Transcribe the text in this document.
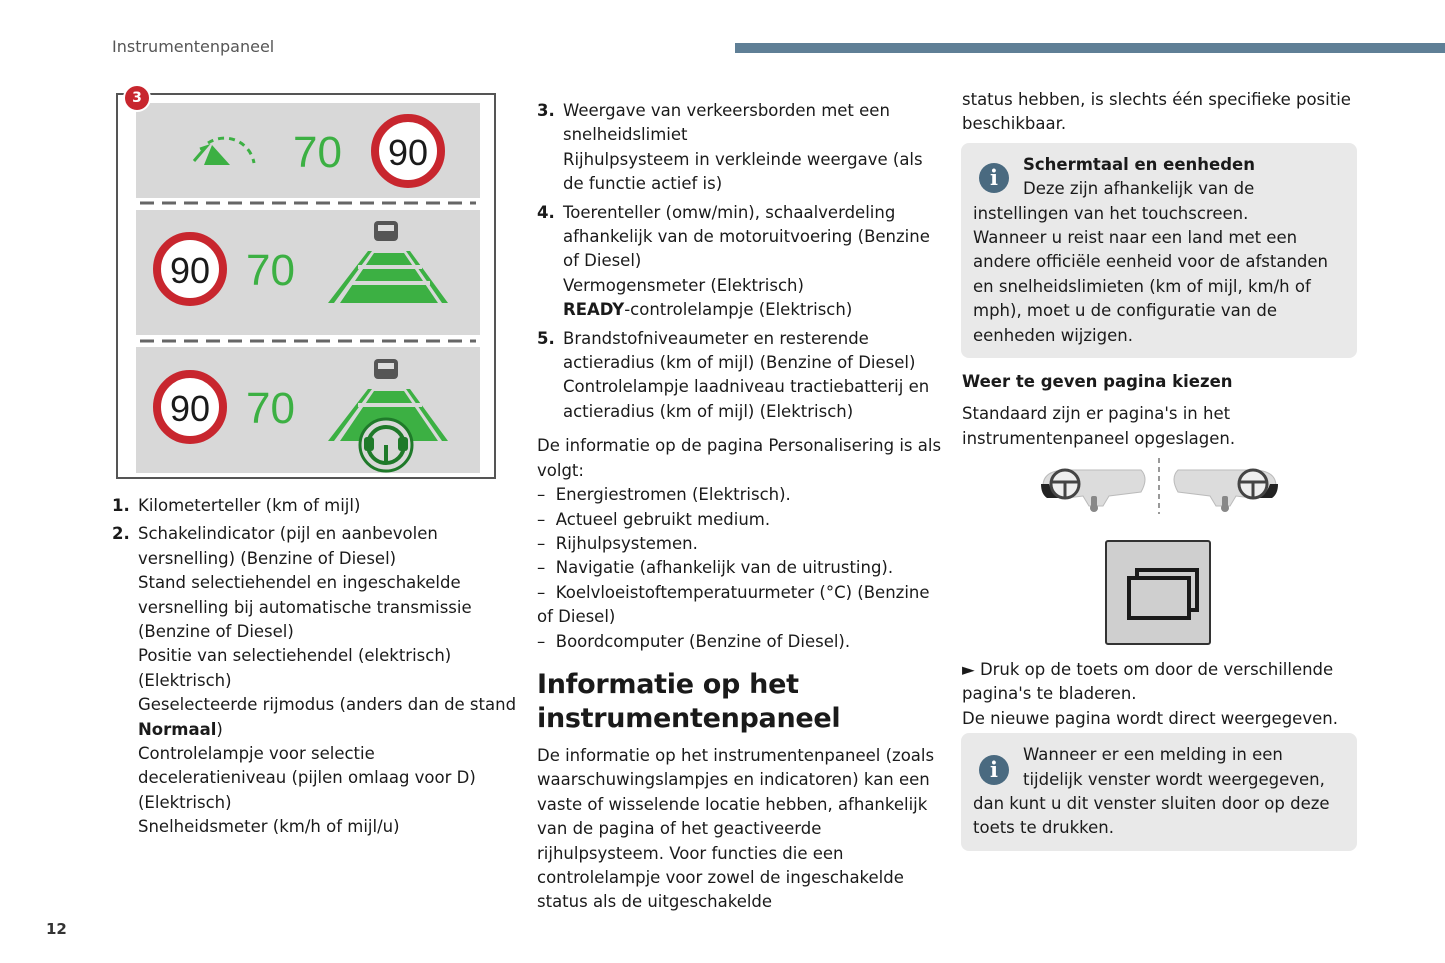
Instrumentenpaneel
70 90
90 70
90 70
3
1. Kilometerteller (km of mijl)
2. Schakelindicator (pijl en aanbevolen versnelling) (Benzine of Diesel)
Stand selectiehendel en ingeschakelde versnelling bij automatische transmissie (Benzine of Diesel)
Positie van selectiehendel (elektrisch) (Elektrisch)
Geselecteerde rijmodus (anders dan de stand Normaal)
Controlelampje voor selectie deceleratieniveau (pijlen omlaag voor D) (Elektrisch)
Snelheidsmeter (km/h of mijl/u)
3. Weergave van verkeersborden met een snelheidslimiet
Rijhulpsysteem in verkleinde weergave (als de functie actief is)
4. Toerenteller (omw/min), schaalverdeling afhankelijk van de motoruitvoering (Benzine of Diesel)
Vermogensmeter (Elektrisch)
READY-controlelampje (Elektrisch)
5. Brandstofniveaumeter en resterende actieradius (km of mijl) (Benzine of Diesel)
Controlelampje laadniveau tractiebatterij en actieradius (km of mijl) (Elektrisch)

De informatie op de pagina Personalisering is als volgt:

–  Energiestromen (Elektrisch).
–  Actueel gebruikt medium.
–  Rijhulpsystemen.
–  Navigatie (afhankelijk van de uitrusting).
–  Koelvloeistoftemperatuurmeter (°C) (Benzine of Diesel)
–  Boordcomputer (Benzine of Diesel).
Informatie op het instrumentenpaneel

De informatie op het instrumentenpaneel (zoals waarschuwingslampjes en indicatoren) kan een vaste of wisselende locatie hebben, afhankelijk van de pagina of het geactiveerde rijhulpsysteem. Voor functies die een controlelampje voor zowel de ingeschakelde status als de uitgeschakelde

status hebben, is slechts één specifieke positie beschikbaar.

i
Schermtaal en eenheden
Deze zijn afhankelijk van de instellingen van het touchscreen.
Wanneer u reist naar een land met een andere officiële eenheid voor de afstanden en snelheidslimieten (km of mijl, km/h of mph), moet u de configuratie van de eenheden wijzigen.
Weer te geven pagina kiezen

Standaard zijn er pagina's in het instrumentenpaneel opgeslagen.

► Druk op de toets om door de verschillende pagina's te bladeren.

De nieuwe pagina wordt direct weergegeven.

i
Wanneer er een melding in een tijdelijk venster wordt weergegeven, dan kunt u dit venster sluiten door op deze toets te drukken.
12
